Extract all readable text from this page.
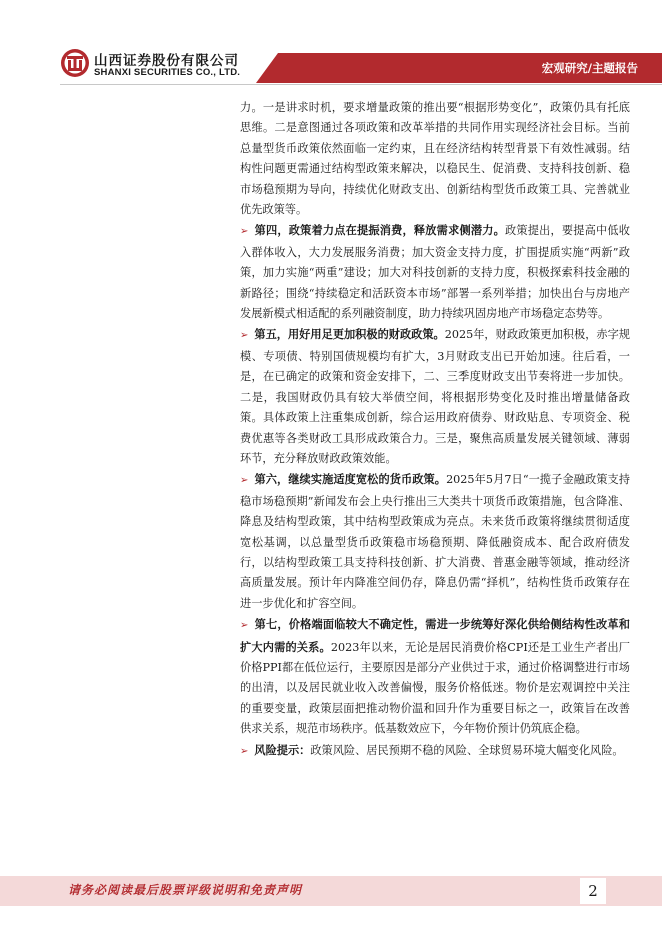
山西证券股份有限公司
SHANXI SECURITIES CO., LTD.	宏观研究/主题报告

力。一是讲求时机，要求增量政策的推出要“根据形势变化”，政策仍具有托底思维。二是意图通过各项政策和改革举措的共同作用实现经济社会目标。当前总量型货币政策依然面临一定约束，且在经济结构转型背景下有效性减弱。结构性问题更需通过结构型政策来解决，以稳民生、促消费、支持科技创新、稳市场稳预期为导向，持续优化财政支出、创新结构型货币政策工具、完善就业优先政策等。

➢ 第四，政策着力点在提振消费，释放需求侧潜力。政策提出，要提高中低收入群体收入，大力发展服务消费；加大资金支持力度，扩围提质实施“两新”政策，加力实施“两重”建设；加大对科技创新的支持力度，积极探索科技金融的新路径；围绕“持续稳定和活跃资本市场”部署一系列举措；加快出台与房地产发展新模式相适配的系列融资制度，助力持续巩固房地产市场稳定态势等。

➢ 第五，用好用足更加积极的财政政策。2025年，财政政策更加积极，赤字规模、专项债、特别国债规模均有扩大，3月财政支出已开始加速。往后看，一是，在已确定的政策和资金安排下，二、三季度财政支出节奏将进一步加快。二是，我国财政仍具有较大举债空间，将根据形势变化及时推出增量储备政策。具体政策上注重集成创新，综合运用政府债券、财政贴息、专项资金、税费优惠等各类财政工具形成政策合力。三是，聚焦高质量发展关键领域、薄弱环节，充分释放财政政策效能。

➢ 第六，继续实施适度宽松的货币政策。2025年5月7日“一揽子金融政策支持稳市场稳预期”新闻发布会上央行推出三大类共十项货币政策措施，包含降准、降息及结构型政策，其中结构型政策成为亮点。未来货币政策将继续贯彻适度宽松基调，以总量型货币政策稳市场稳预期、降低融资成本、配合政府债发行，以结构型政策工具支持科技创新、扩大消费、普惠金融等领域，推动经济高质量发展。预计年内降准空间仍存，降息仍需“择机”，结构性货币政策存在进一步优化和扩容空间。

➢ 第七，价格端面临较大不确定性，需进一步统筹好深化供给侧结构性改革和扩大内需的关系。2023年以来，无论是居民消费价格CPI还是工业生产者出厂价格PPI都在低位运行，主要原因是部分产业供过于求，通过价格调整进行市场的出清，以及居民就业收入改善偏慢，服务价格低迷。物价是宏观调控中关注的重要变量，政策层面把推动物价温和回升作为重要目标之一，政策旨在改善供求关系，规范市场秩序。低基数效应下，今年物价预计仍筑底企稳。

➢ 风险提示：政策风险、居民预期不稳的风险、全球贸易环境大幅变化风险。

请务必阅读最后股票评级说明和免责声明	2
